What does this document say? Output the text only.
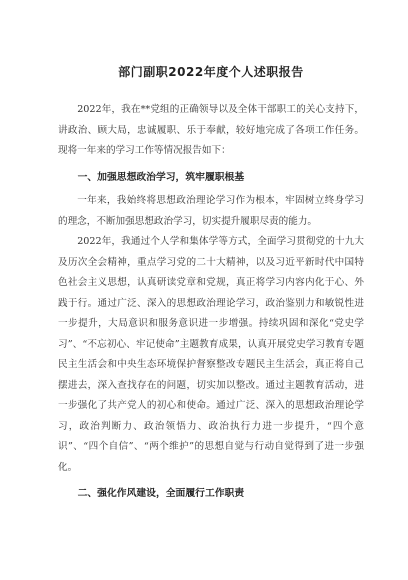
部门副职2022年度个人述职报告

2022年，我在**党组的正确领导以及全体干部职工的关心支持下，讲政治、顾大局，忠诚履职、乐于奉献，较好地完成了各项工作任务。现将一年来的学习工作等情况报告如下：

一、加强思想政治学习，筑牢履职根基

一年来，我始终将思想政治理论学习作为根本，牢固树立终身学习的理念，不断加强思想政治学习，切实提升履职尽责的能力。

2022年，我通过个人学和集体学等方式，全面学习贯彻党的十九大及历次全会精神，重点学习党的二十大精神，以及习近平新时代中国特色社会主义思想，认真研读党章和党规，真正将学习内容内化于心、外践于行。通过广泛、深入的思想政治理论学习，政治鉴别力和敏锐性进一步提升，大局意识和服务意识进一步增强。持续巩固和深化“党史学习”、“不忘初心、牢记使命”主题教育成果，认真开展党史学习教育专题民主生活会和中央生态环境保护督察整改专题民主生活会，真正将自己摆进去，深入查找存在的问题，切实加以整改。通过主题教育活动，进一步强化了共产党人的初心和使命。通过广泛、深入的思想政治理论学习，政治判断力、政治领悟力、政治执行力进一步提升，“四个意识”、“四个自信”、“两个维护”的思想自觉与行动自觉得到了进一步强化。

二、强化作风建设，全面履行工作职责
